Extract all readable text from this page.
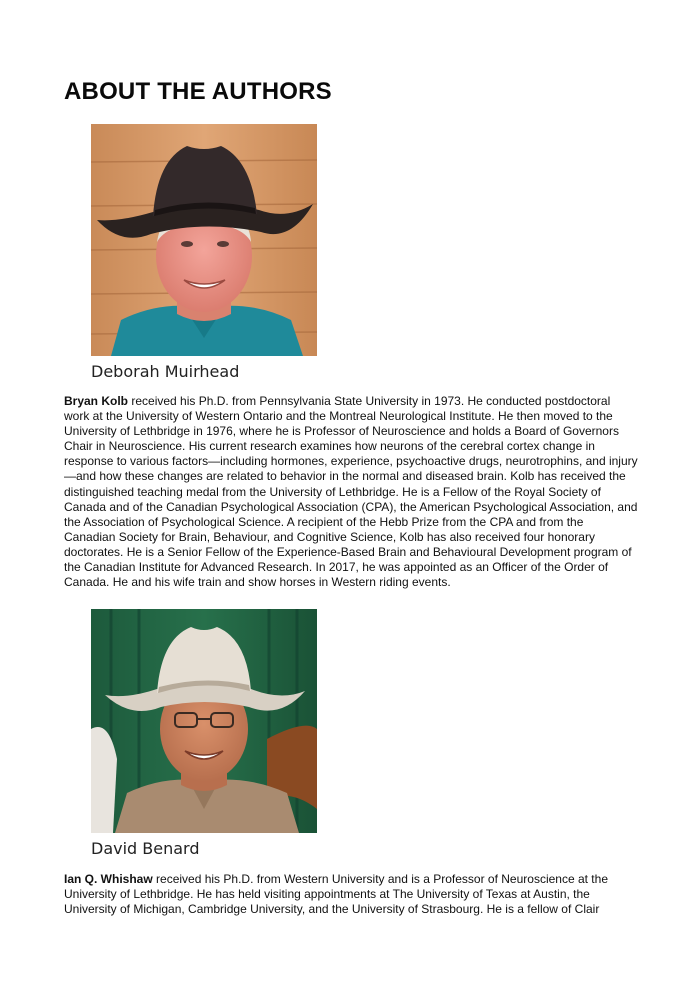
ABOUT THE AUTHORS
Deborah Muirhead

Bryan Kolb received his Ph.D. from Pennsylvania State University in 1973. He conducted postdoctoral work at the University of Western Ontario and the Montreal Neurological Institute. He then moved to the University of Lethbridge in 1976, where he is Professor of Neuroscience and holds a Board of Governors Chair in Neuroscience. His current research examines how neurons of the cerebral cortex change in response to various factors—including hormones, experience, psychoactive drugs, neurotrophins, and injury—and how these changes are related to behavior in the normal and diseased brain. Kolb has received the distinguished teaching medal from the University of Lethbridge. He is a Fellow of the Royal Society of Canada and of the Canadian Psychological Association (CPA), the American Psychological Association, and the Association of Psychological Science. A recipient of the Hebb Prize from the CPA and from the Canadian Society for Brain, Behaviour, and Cognitive Science, Kolb has also received four honorary doctorates. He is a Senior Fellow of the Experience-Based Brain and Behavioural Development program of the Canadian Institute for Advanced Research. In 2017, he was appointed as an Officer of the Order of Canada. He and his wife train and show horses in Western riding events.

David Benard

Ian Q. Whishaw received his Ph.D. from Western University and is a Professor of Neuroscience at the University of Lethbridge. He has held visiting appointments at The University of Texas at Austin, the University of Michigan, Cambridge University, and the University of Strasbourg. He is a fellow of Clair
